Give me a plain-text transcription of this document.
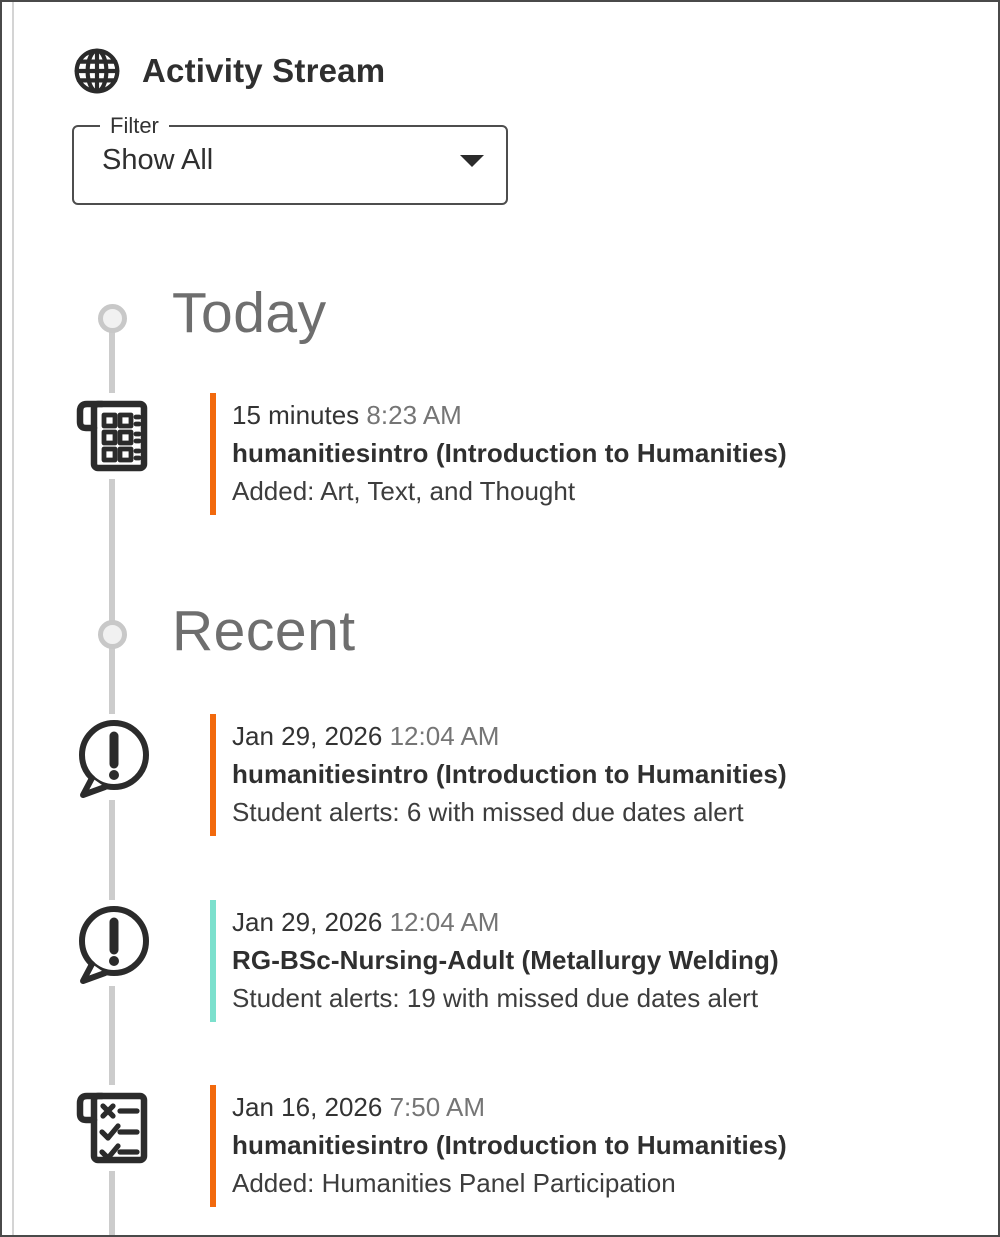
Activity Stream
Filter
Show All
Today
Recent
15 minutes 8:23 AM
humanitiesintro (Introduction to Humanities)
Added: Art, Text, and Thought
Jan 29, 2026 12:04 AM
humanitiesintro (Introduction to Humanities)
Student alerts: 6 with missed due dates alert
Jan 29, 2026 12:04 AM
RG-BSc-Nursing-Adult (Metallurgy Welding)
Student alerts: 19 with missed due dates alert
Jan 16, 2026 7:50 AM
humanitiesintro (Introduction to Humanities)
Added: Humanities Panel Participation
